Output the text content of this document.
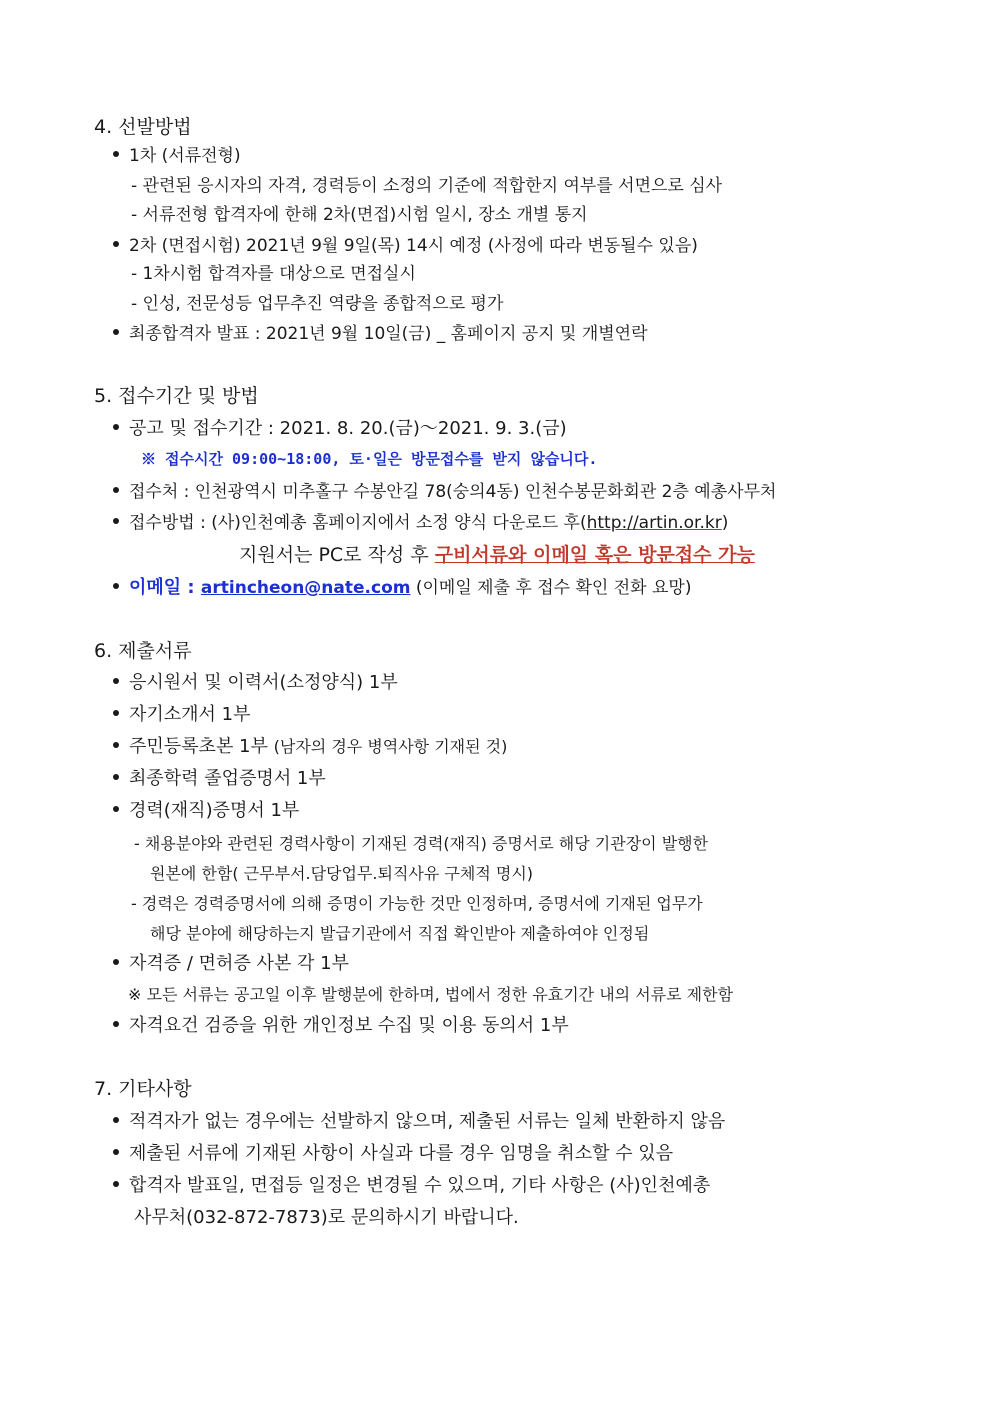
4. 선발방법
1차 (서류전형)
- 관련된 응시자의 자격, 경력등이 소정의 기준에 적합한지 여부를 서면으로 심사
- 서류전형 합격자에 한해 2차(면접)시험 일시, 장소 개별 통지
2차 (면접시험) 2021년 9월 9일(목) 14시 예정 (사정에 따라 변동될수 있음)
- 1차시험 합격자를 대상으로 면접실시
- 인성, 전문성등 업무추진 역량을 종합적으로 평가
최종합격자 발표 : 2021년 9월 10일(금) _ 홈페이지 공지 및 개별연락
5. 접수기간 및 방법
공고 및 접수기간 : 2021. 8. 20.(금)～2021. 9. 3.(금)
※ 접수시간 09:00~18:00, 토·일은 방문접수를 받지 않습니다.
접수처 : 인천광역시 미추홀구 수봉안길 78(숭의4동) 인천수봉문화회관 2층 예총사무처
접수방법 : (사)인천예총 홈페이지에서 소정 양식 다운로드 후(http://artin.or.kr)
지원서는 PC로 작성 후 구비서류와 이메일 혹은 방문접수 가능
이메일 : artincheon@nate.com (이메일 제출 후 접수 확인 전화 요망)
6. 제출서류
응시원서 및 이력서(소정양식) 1부
자기소개서 1부
주민등록초본 1부 (남자의 경우 병역사항 기재된 것)
최종학력 졸업증명서 1부
경력(재직)증명서 1부
- 채용분야와 관련된 경력사항이 기재된 경력(재직) 증명서로 해당 기관장이 발행한
원본에 한함( 근무부서.담당업무.퇴직사유 구체적 명시)
- 경력은 경력증명서에 의해 증명이 가능한 것만 인정하며, 증명서에 기재된 업무가
해당 분야에 해당하는지 발급기관에서 직접 확인받아 제출하여야 인정됨
자격증 / 면허증 사본 각 1부
※ 모든 서류는 공고일 이후 발행분에 한하며, 법에서 정한 유효기간 내의 서류로 제한함
자격요건 검증을 위한 개인정보 수집 및 이용 동의서 1부
7. 기타사항
적격자가 없는 경우에는 선발하지 않으며, 제출된 서류는 일체 반환하지 않음
제출된 서류에 기재된 사항이 사실과 다를 경우 임명을 취소할 수 있음
합격자 발표일, 면접등 일정은 변경될 수 있으며, 기타 사항은 (사)인천예총
사무처(032-872-7873)로 문의하시기 바랍니다.
